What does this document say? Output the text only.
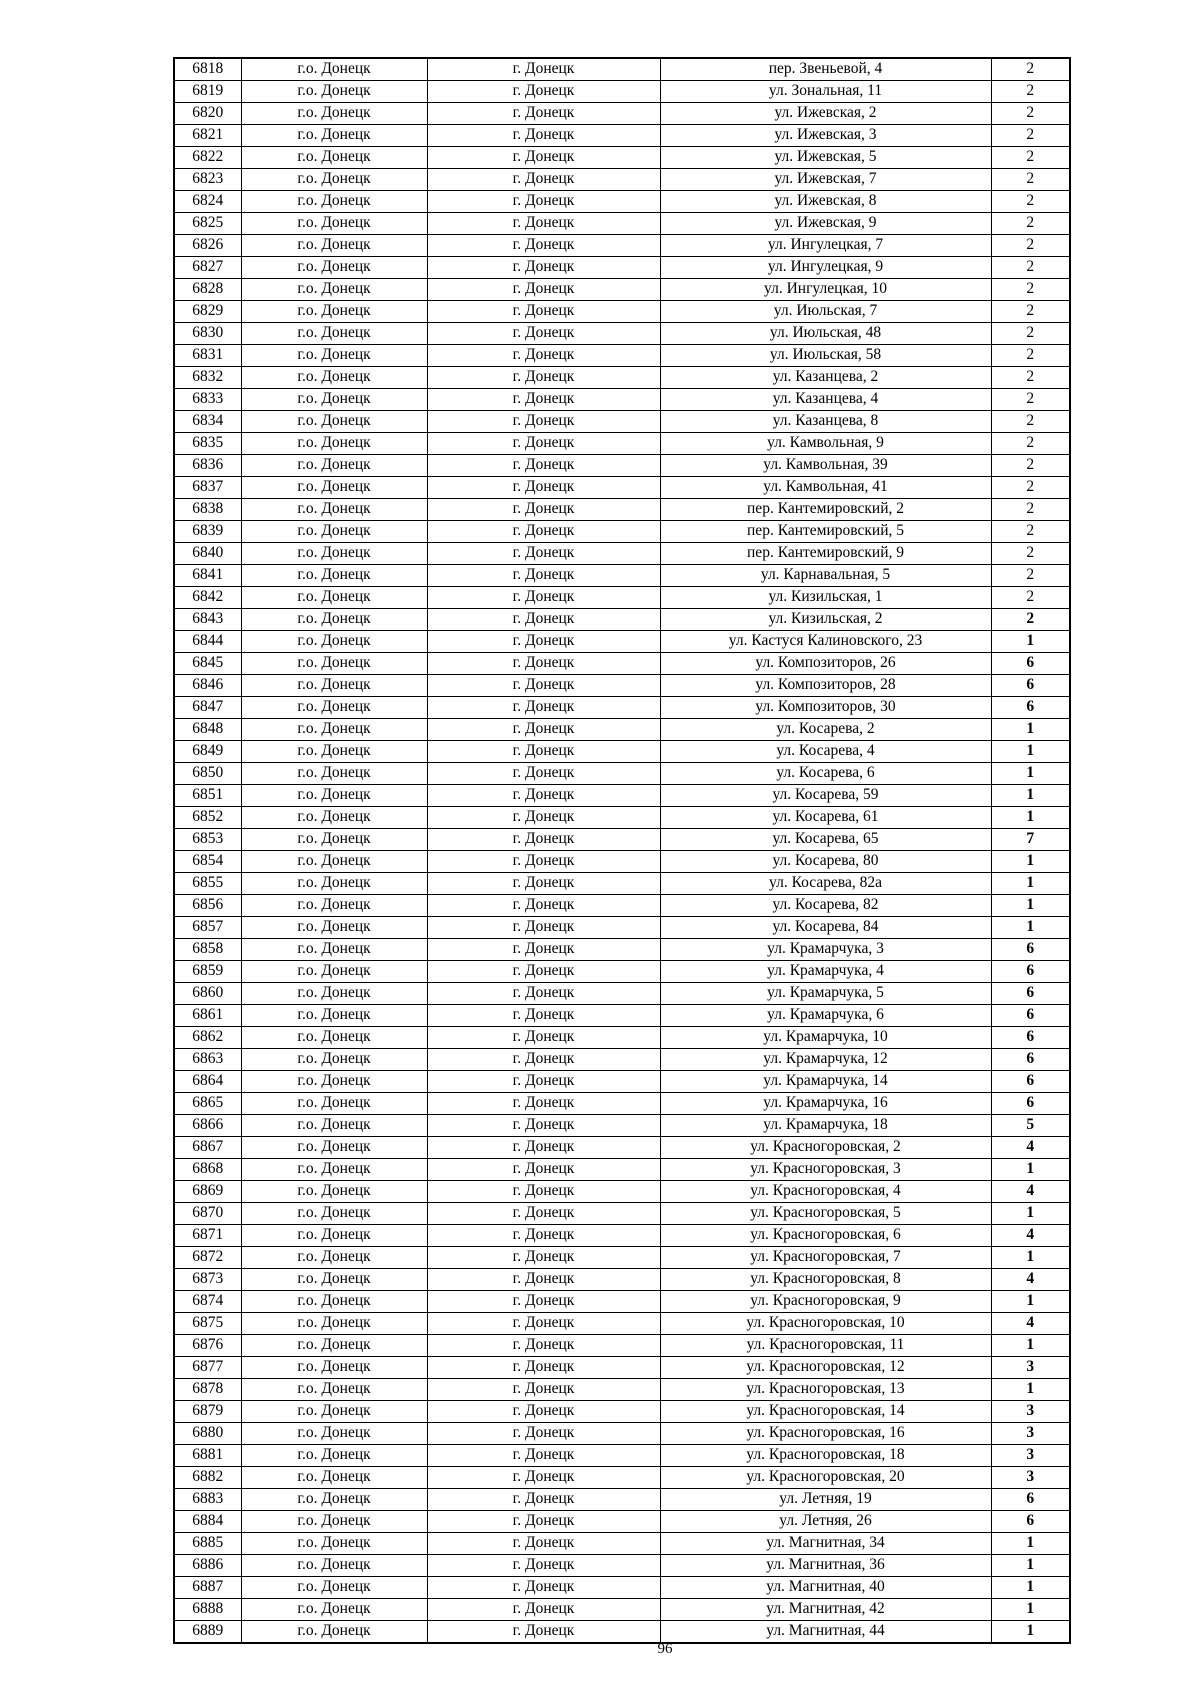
6818	г.о. Донецк	г. Донецк	пер. Звеньевой, 4	2
6819	г.о. Донецк	г. Донецк	ул. Зональная, 11	2
6820	г.о. Донецк	г. Донецк	ул. Ижевская, 2	2
6821	г.о. Донецк	г. Донецк	ул. Ижевская, 3	2
6822	г.о. Донецк	г. Донецк	ул. Ижевская, 5	2
6823	г.о. Донецк	г. Донецк	ул. Ижевская, 7	2
6824	г.о. Донецк	г. Донецк	ул. Ижевская, 8	2
6825	г.о. Донецк	г. Донецк	ул. Ижевская, 9	2
6826	г.о. Донецк	г. Донецк	ул. Ингулецкая, 7	2
6827	г.о. Донецк	г. Донецк	ул. Ингулецкая, 9	2
6828	г.о. Донецк	г. Донецк	ул. Ингулецкая, 10	2
6829	г.о. Донецк	г. Донецк	ул. Июльская, 7	2
6830	г.о. Донецк	г. Донецк	ул. Июльская, 48	2
6831	г.о. Донецк	г. Донецк	ул. Июльская, 58	2
6832	г.о. Донецк	г. Донецк	ул. Казанцева, 2	2
6833	г.о. Донецк	г. Донецк	ул. Казанцева, 4	2
6834	г.о. Донецк	г. Донецк	ул. Казанцева, 8	2
6835	г.о. Донецк	г. Донецк	ул. Камвольная, 9	2
6836	г.о. Донецк	г. Донецк	ул. Камвольная, 39	2
6837	г.о. Донецк	г. Донецк	ул. Камвольная, 41	2
6838	г.о. Донецк	г. Донецк	пер. Кантемировский, 2	2
6839	г.о. Донецк	г. Донецк	пер. Кантемировский, 5	2
6840	г.о. Донецк	г. Донецк	пер. Кантемировский, 9	2
6841	г.о. Донецк	г. Донецк	ул. Карнавальная, 5	2
6842	г.о. Донецк	г. Донецк	ул. Кизильская, 1	2
6843	г.о. Донецк	г. Донецк	ул. Кизильская, 2	2
6844	г.о. Донецк	г. Донецк	ул. Кастуся Калиновского, 23	1
6845	г.о. Донецк	г. Донецк	ул. Композиторов, 26	6
6846	г.о. Донецк	г. Донецк	ул. Композиторов, 28	6
6847	г.о. Донецк	г. Донецк	ул. Композиторов, 30	6
6848	г.о. Донецк	г. Донецк	ул. Косарева, 2	1
6849	г.о. Донецк	г. Донецк	ул. Косарева, 4	1
6850	г.о. Донецк	г. Донецк	ул. Косарева, 6	1
6851	г.о. Донецк	г. Донецк	ул. Косарева, 59	1
6852	г.о. Донецк	г. Донецк	ул. Косарева, 61	1
6853	г.о. Донецк	г. Донецк	ул. Косарева, 65	7
6854	г.о. Донецк	г. Донецк	ул. Косарева, 80	1
6855	г.о. Донецк	г. Донецк	ул. Косарева, 82а	1
6856	г.о. Донецк	г. Донецк	ул. Косарева, 82	1
6857	г.о. Донецк	г. Донецк	ул. Косарева, 84	1
6858	г.о. Донецк	г. Донецк	ул. Крамарчука, 3	6
6859	г.о. Донецк	г. Донецк	ул. Крамарчука, 4	6
6860	г.о. Донецк	г. Донецк	ул. Крамарчука, 5	6
6861	г.о. Донецк	г. Донецк	ул. Крамарчука, 6	6
6862	г.о. Донецк	г. Донецк	ул. Крамарчука, 10	6
6863	г.о. Донецк	г. Донецк	ул. Крамарчука, 12	6
6864	г.о. Донецк	г. Донецк	ул. Крамарчука, 14	6
6865	г.о. Донецк	г. Донецк	ул. Крамарчука, 16	6
6866	г.о. Донецк	г. Донецк	ул. Крамарчука, 18	5
6867	г.о. Донецк	г. Донецк	ул. Красногоровская, 2	4
6868	г.о. Донецк	г. Донецк	ул. Красногоровская, 3	1
6869	г.о. Донецк	г. Донецк	ул. Красногоровская, 4	4
6870	г.о. Донецк	г. Донецк	ул. Красногоровская, 5	1
6871	г.о. Донецк	г. Донецк	ул. Красногоровская, 6	4
6872	г.о. Донецк	г. Донецк	ул. Красногоровская, 7	1
6873	г.о. Донецк	г. Донецк	ул. Красногоровская, 8	4
6874	г.о. Донецк	г. Донецк	ул. Красногоровская, 9	1
6875	г.о. Донецк	г. Донецк	ул. Красногоровская, 10	4
6876	г.о. Донецк	г. Донецк	ул. Красногоровская, 11	1
6877	г.о. Донецк	г. Донецк	ул. Красногоровская, 12	3
6878	г.о. Донецк	г. Донецк	ул. Красногоровская, 13	1
6879	г.о. Донецк	г. Донецк	ул. Красногоровская, 14	3
6880	г.о. Донецк	г. Донецк	ул. Красногоровская, 16	3
6881	г.о. Донецк	г. Донецк	ул. Красногоровская, 18	3
6882	г.о. Донецк	г. Донецк	ул. Красногоровская, 20	3
6883	г.о. Донецк	г. Донецк	ул. Летняя, 19	6
6884	г.о. Донецк	г. Донецк	ул. Летняя, 26	6
6885	г.о. Донецк	г. Донецк	ул. Магнитная, 34	1
6886	г.о. Донецк	г. Донецк	ул. Магнитная, 36	1
6887	г.о. Донецк	г. Донецк	ул. Магнитная, 40	1
6888	г.о. Донецк	г. Донецк	ул. Магнитная, 42	1
6889	г.о. Донецк	г. Донецк	ул. Магнитная, 44	1
96
